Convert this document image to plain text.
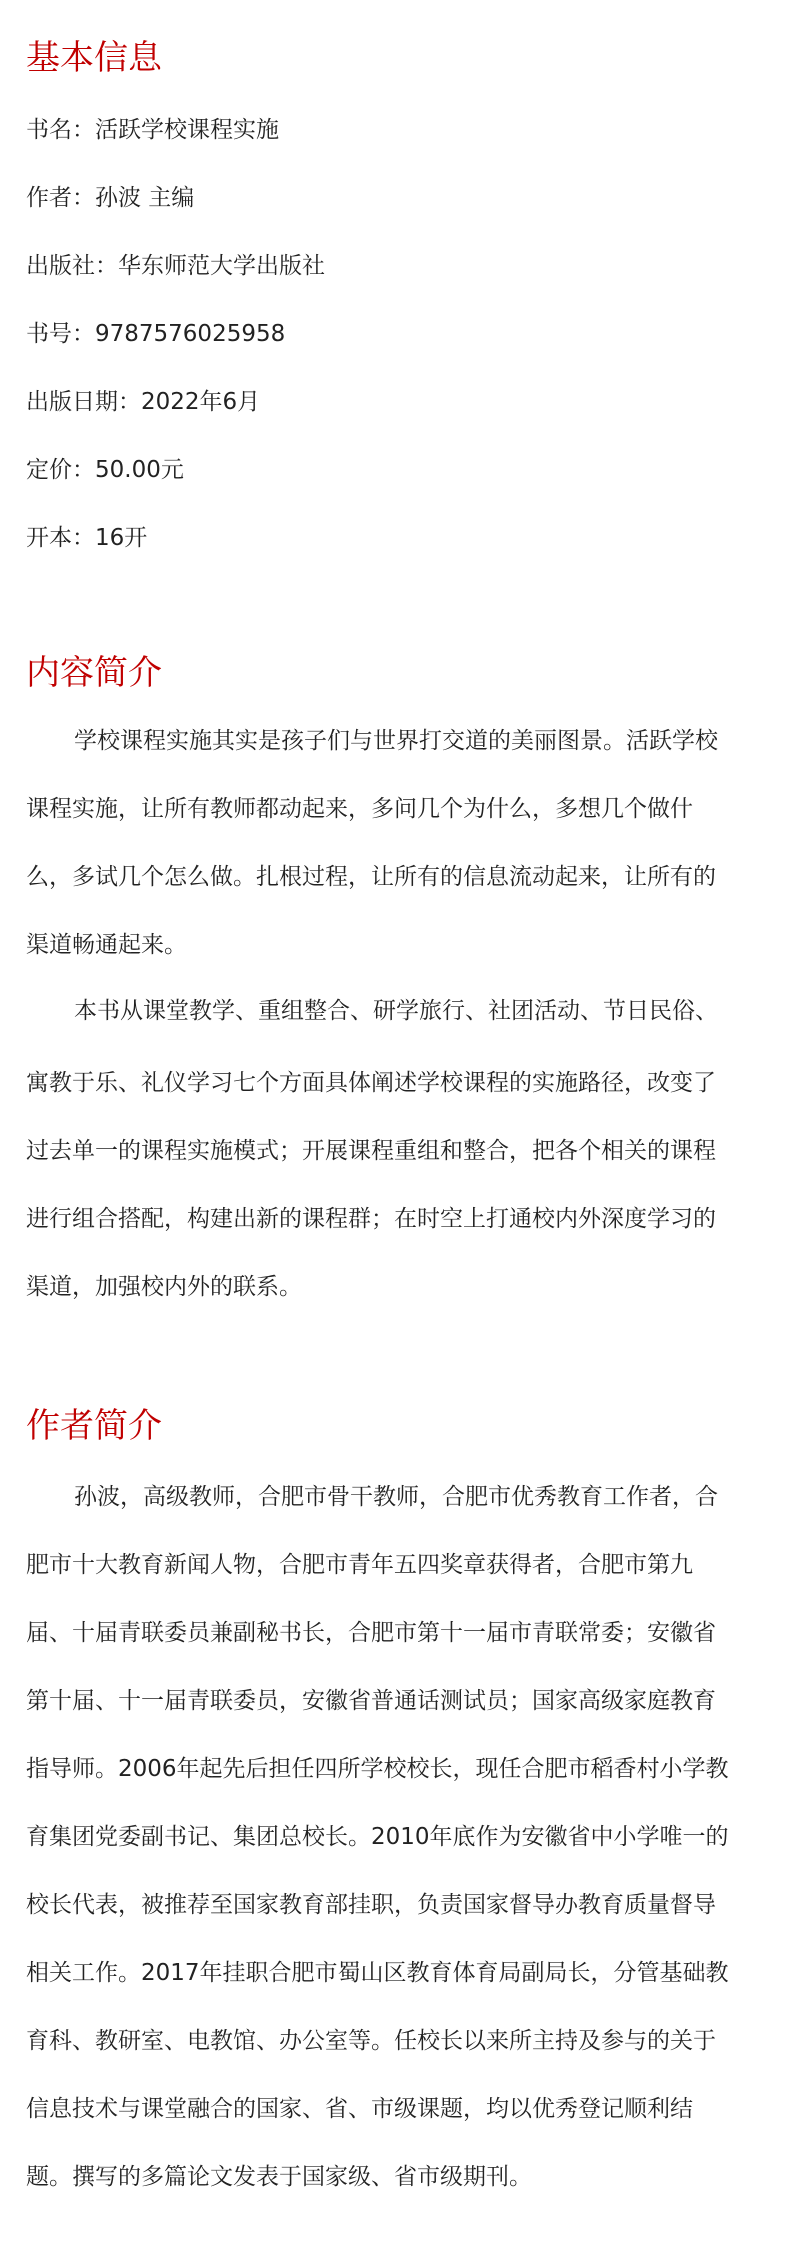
基本信息

书名：活跃学校课程实施

作者：孙波 主编

出版社：华东师范大学出版社

书号：9787576025958

出版日期：2022年6月

定价：50.00元

开本：16开

内容简介
学校课程实施其实是孩子们与世界打交道的美丽图景。活跃学校
课程实施，让所有教师都动起来，多问几个为什么，多想几个做什
么，多试几个怎么做。扎根过程，让所有的信息流动起来，让所有的
渠道畅通起来。
本书从课堂教学、重组整合、研学旅行、社团活动、节日民俗、
寓教于乐、礼仪学习七个方面具体阐述学校课程的实施路径，改变了
过去单一的课程实施模式；开展课程重组和整合，把各个相关的课程
进行组合搭配，构建出新的课程群；在时空上打通校内外深度学习的
渠道，加强校内外的联系。
作者简介
孙波，高级教师，合肥市骨干教师，合肥市优秀教育工作者，合
肥市十大教育新闻人物，合肥市青年五四奖章获得者，合肥市第九
届、十届青联委员兼副秘书长，合肥市第十一届市青联常委；安徽省
第十届、十一届青联委员，安徽省普通话测试员；国家高级家庭教育
指导师。2006年起先后担任四所学校校长，现任合肥市稻香村小学教
育集团党委副书记、集团总校长。2010年底作为安徽省中小学唯一的
校长代表，被推荐至国家教育部挂职，负责国家督导办教育质量督导
相关工作。2017年挂职合肥市蜀山区教育体育局副局长，分管基础教
育科、教研室、电教馆、办公室等。任校长以来所主持及参与的关于
信息技术与课堂融合的国家、省、市级课题，均以优秀登记顺利结
题。撰写的多篇论文发表于国家级、省市级期刊。
